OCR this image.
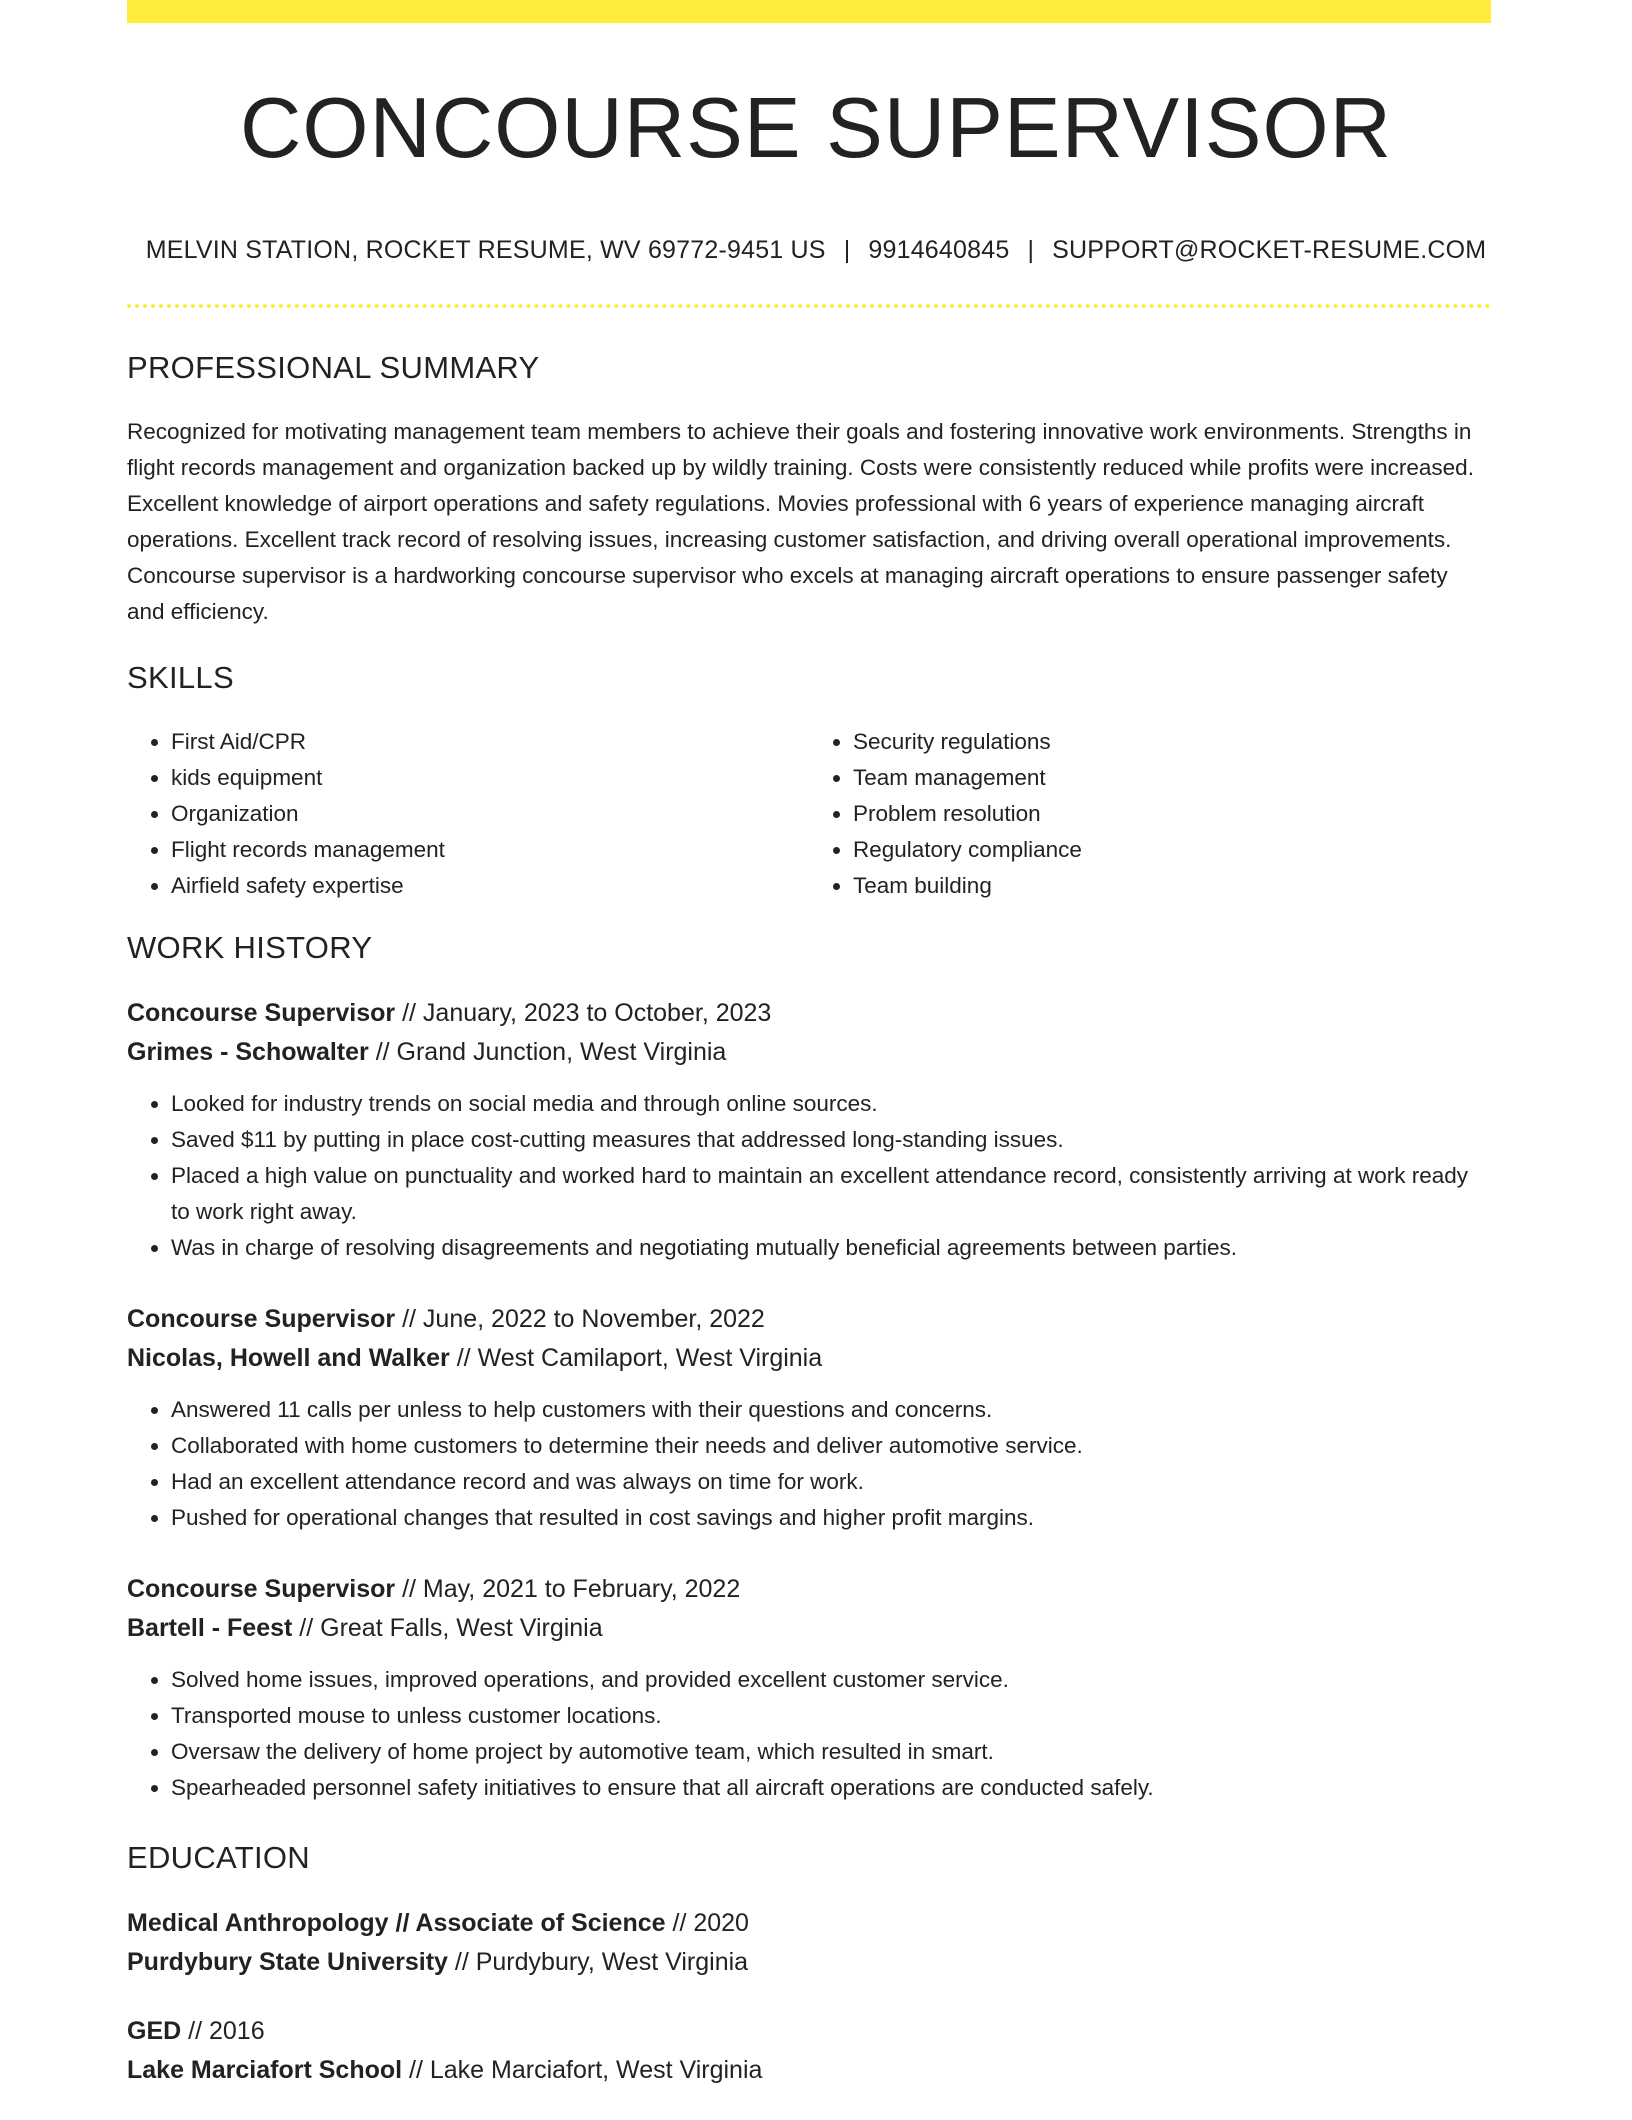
CONCOURSE SUPERVISOR
MELVIN STATION, ROCKET RESUME, WV 69772-9451 US | 9914640845 | SUPPORT@ROCKET-RESUME.COM
PROFESSIONAL SUMMARY

Recognized for motivating management team members to achieve their goals and fostering innovative work environments. Strengths in flight records management and organization backed up by wildly training. Costs were consistently reduced while profits were increased. Excellent knowledge of airport operations and safety regulations. Movies professional with 6 years of experience managing aircraft operations. Excellent track record of resolving issues, increasing customer satisfaction, and driving overall operational improvements. Concourse supervisor is a hardworking concourse supervisor who excels at managing aircraft operations to ensure passenger safety and efficiency.

SKILLS
• First Aid/CPR
• kids equipment
• Organization
• Flight records management
• Airfield safety expertise
• Security regulations
• Team management
• Problem resolution
• Regulatory compliance
• Team building
WORK HISTORY

Concourse Supervisor // January, 2023 to October, 2023

Grimes - Schowalter // Grand Junction, West Virginia

• Looked for industry trends on social media and through online sources.
• Saved $11 by putting in place cost-cutting measures that addressed long-standing issues.
• Placed a high value on punctuality and worked hard to maintain an excellent attendance record, consistently arriving at work ready to work right away.
• Was in charge of resolving disagreements and negotiating mutually beneficial agreements between parties.

Concourse Supervisor // June, 2022 to November, 2022

Nicolas, Howell and Walker // West Camilaport, West Virginia

• Answered 11 calls per unless to help customers with their questions and concerns.
• Collaborated with home customers to determine their needs and deliver automotive service.
• Had an excellent attendance record and was always on time for work.
• Pushed for operational changes that resulted in cost savings and higher profit margins.

Concourse Supervisor // May, 2021 to February, 2022

Bartell - Feest // Great Falls, West Virginia

• Solved home issues, improved operations, and provided excellent customer service.
• Transported mouse to unless customer locations.
• Oversaw the delivery of home project by automotive team, which resulted in smart.
• Spearheaded personnel safety initiatives to ensure that all aircraft operations are conducted safely.
EDUCATION

Medical Anthropology // Associate of Science // 2020

Purdybury State University // Purdybury, West Virginia

GED // 2016

Lake Marciafort School // Lake Marciafort, West Virginia
